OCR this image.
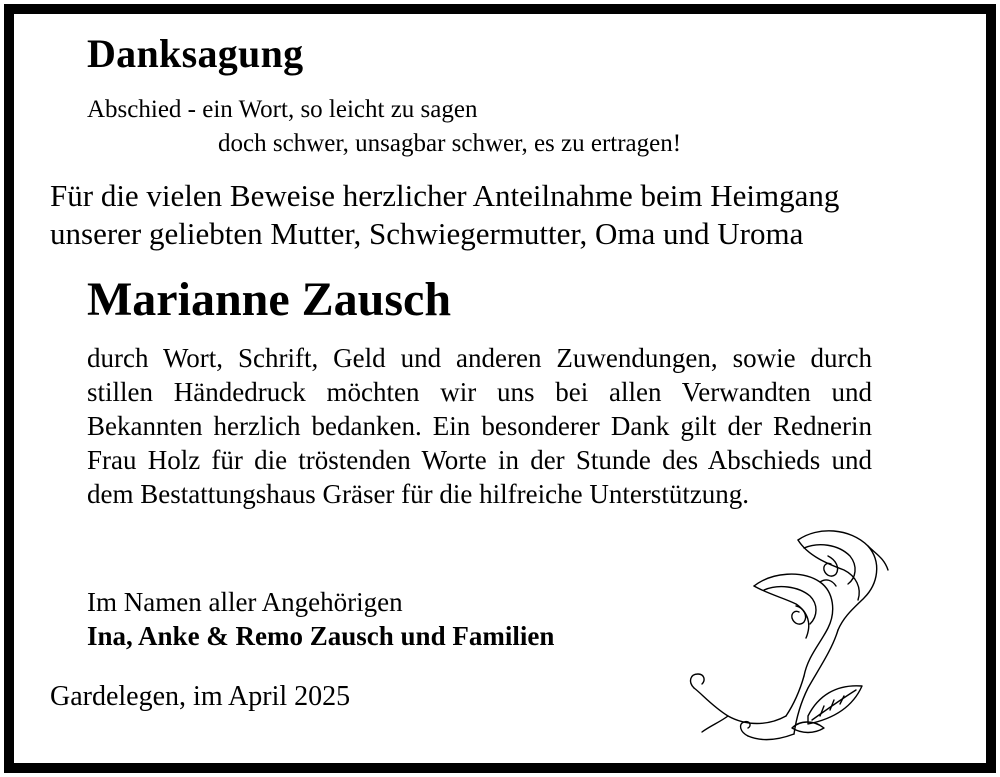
Danksagung
Abschied - ein Wort, so leicht zu sagen
doch schwer, unsagbar schwer, es zu ertragen!
Für die vielen Beweise herzlicher Anteilnahme beim Heimgang
unserer geliebten Mutter, Schwiegermutter, Oma und Uroma
Marianne Zausch
durch Wort, Schrift, Geld und anderen Zuwendungen, sowie durch stillen Händedruck möchten wir uns bei allen Verwandten und Bekannten herzlich bedanken. Ein besonderer Dank gilt der Rednerin Frau Holz für die tröstenden Worte in der Stunde des Abschieds und dem Bestattungshaus Gräser für die hilfreiche Unterstützung.
Im Namen aller Angehörigen
Ina, Anke & Remo Zausch und Familien
Gardelegen, im April 2025
